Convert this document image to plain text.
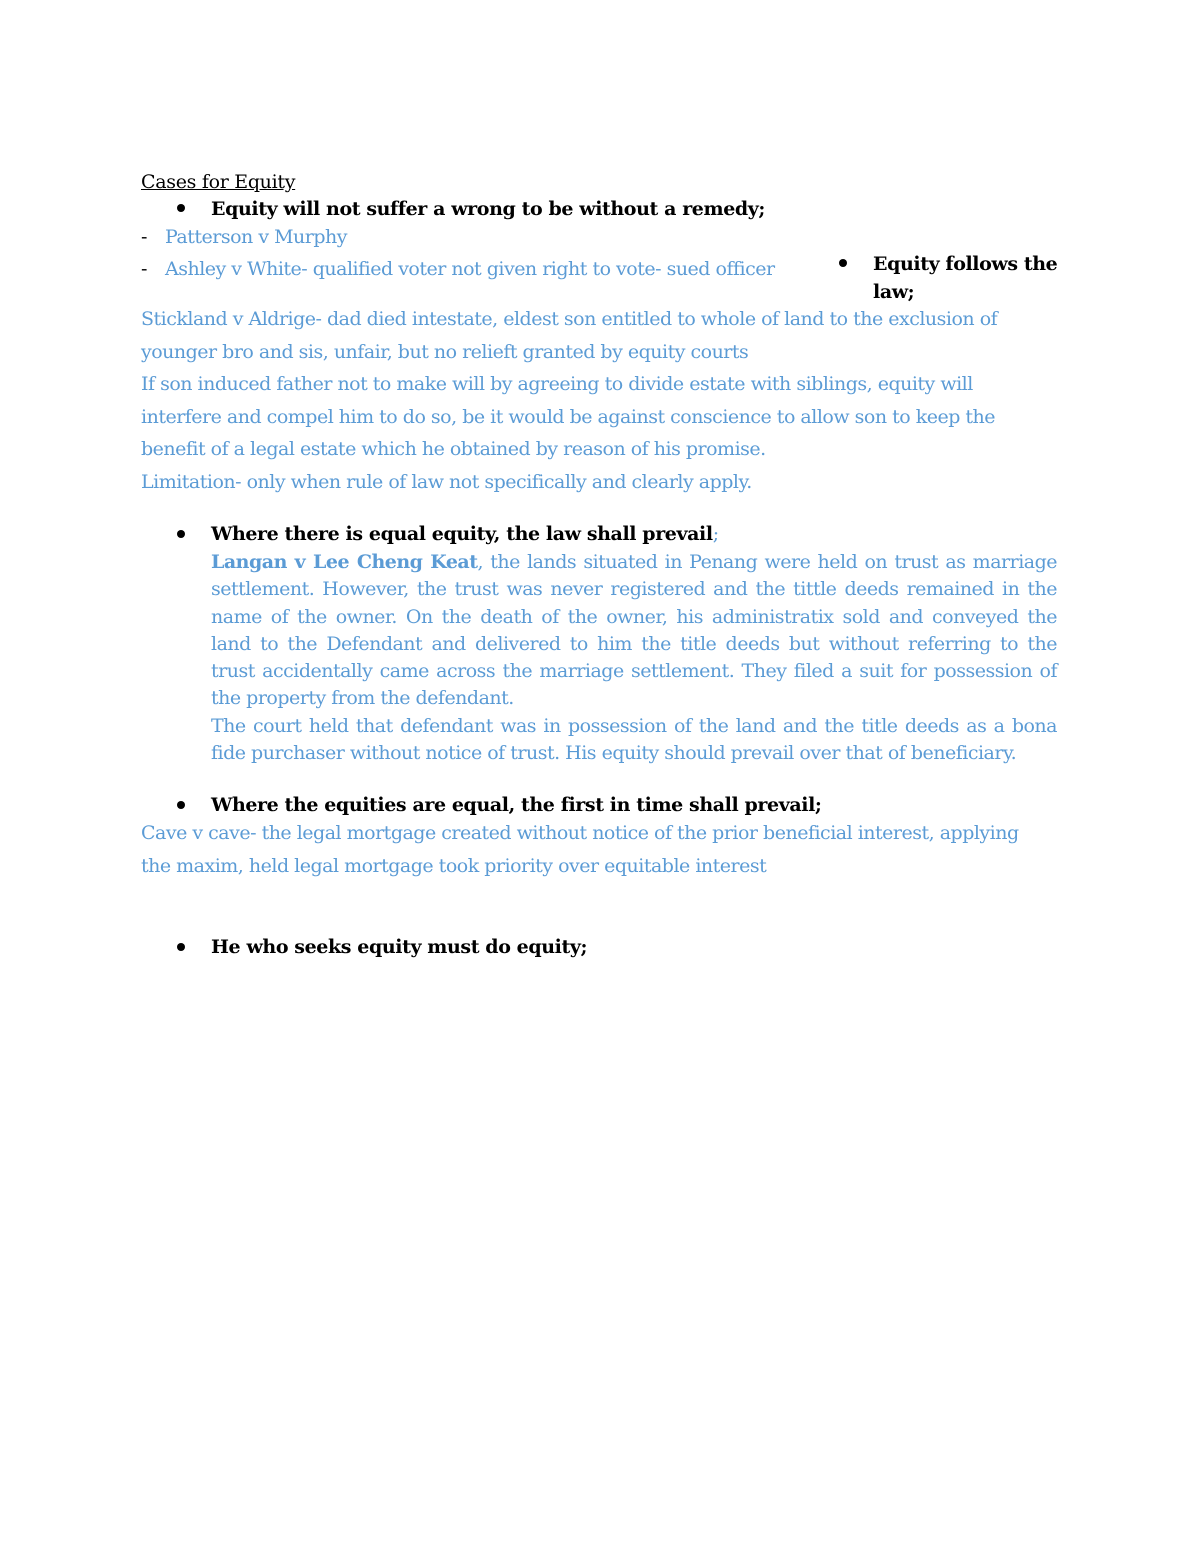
Cases for Equity
Equity will not suffer a wrong to be without a remedy;
- Patterson v Murphy
- Ashley v White- qualified voter not given right to vote- sued officer	Equity follows the
law;

Stickland v Aldrige- dad died intestate, eldest son entitled to whole of land to the exclusion of

younger bro and sis, unfair, but no relieft granted by equity courts

If son induced father not to make will by agreeing to divide estate with siblings, equity will

interfere and compel him to do so, be it would be against conscience to allow son to keep the

benefit of a legal estate which he obtained by reason of his promise.

Limitation- only when rule of law not specifically and clearly apply.

Where there is equal equity, the law shall prevail;
Langan v Lee Cheng Keat, the lands situated in Penang were held on trust as marriage
settlement. However, the trust was never registered and the tittle deeds remained in the
name of the owner. On the death of the owner, his administratix sold and conveyed the
land to the Defendant and delivered to him the title deeds but without referring to the
trust accidentally came across the marriage settlement. They filed a suit for possession of
the property from the defendant.
The court held that defendant was in possession of the land and the title deeds as a bona
fide purchaser without notice of trust. His equity should prevail over that of beneficiary.
Where the equities are equal, the first in time shall prevail;

Cave v cave- the legal mortgage created without notice of the prior beneficial interest, applying

the maxim, held legal mortgage took priority over equitable interest

He who seeks equity must do equity;
